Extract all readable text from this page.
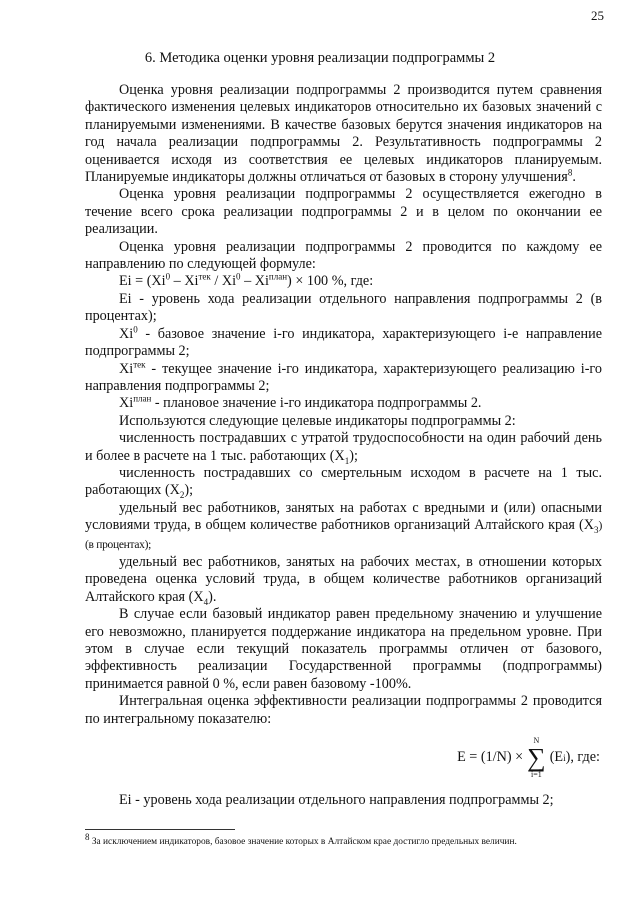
25
6. Методика оценки уровня реализации подпрограммы 2

Оценка уровня реализации подпрограммы 2 производится путем сравнения фактического изменения целевых индикаторов относительно их базовых значений с планируемыми изменениями. В качестве базовых берутся значения индикаторов на год начала реализации подпрограммы 2. Результативность подпрограммы 2 оценивается исходя из соответствия ее целевых индикаторов планируемым. Планируемые индикаторы должны отличаться от базовых в сторону улучшения$^8$.

Оценка уровня реализации подпрограммы 2 осуществляется ежегодно в течение всего срока реализации подпрограммы 2 и в целом по окончании ее реализации.

Оценка уровня реализации подпрограммы 2 проводится по каждому ее направлению по следующей формуле:

$Ei = (Xi^0 - Xi^{тек} / Xi^0 - Xi^{план}) \times 100$ %, где:

Ei - уровень хода реализации отдельного направления подпрограммы 2 (в процентах);

Xi$^0$ - базовое значение i-го индикатора, характеризующего i-е направление подпрограммы 2;

$Xi^{тек}$ - текущее значение i-го индикатора, характеризующего реализацию i-го направления подпрограммы 2;

$Xi^{план}$ - плановое значение i-го индикатора подпрограммы 2.

Используются следующие целевые индикаторы подпрограммы 2:

численность пострадавших с утратой трудоспособности на один рабочий день и более в расчете на 1 тыс. работающих $(X_1)$;

численность пострадавших со смертельным исходом в расчете на 1 тыс. работающих $(X_2)$;

удельный вес работников, занятых на работах с вредными и (или) опасными условиями труда, в общем количестве работников организаций Алтайского края $(X_3)$ (в процентах);

удельный вес работников, занятых на рабочих местах, в отношении которых проведена оценка условий труда, в общем количестве работников организаций Алтайского края $(X_4)$.

В случае если базовый индикатор равен предельному значению и улучшение его невозможно, планируется поддержание индикатора на предельном уровне. При этом в случае если текущий показатель программы отличен от базового, эффективность реализации Государственной программы (подпрограммы) принимается равной 0 %, если равен базовому -100%.

Интегральная оценка эффективности реализации подпрограммы 2 проводится по интегральному показателю:

E = (1/N) ×
N
∑
i=1
(E i ), где:

Ei - уровень хода реализации отдельного направления подпрограммы 2;

$^8$ За исключением индикаторов, базовое значение которых в Алтайском крае достигло предельных величин.
